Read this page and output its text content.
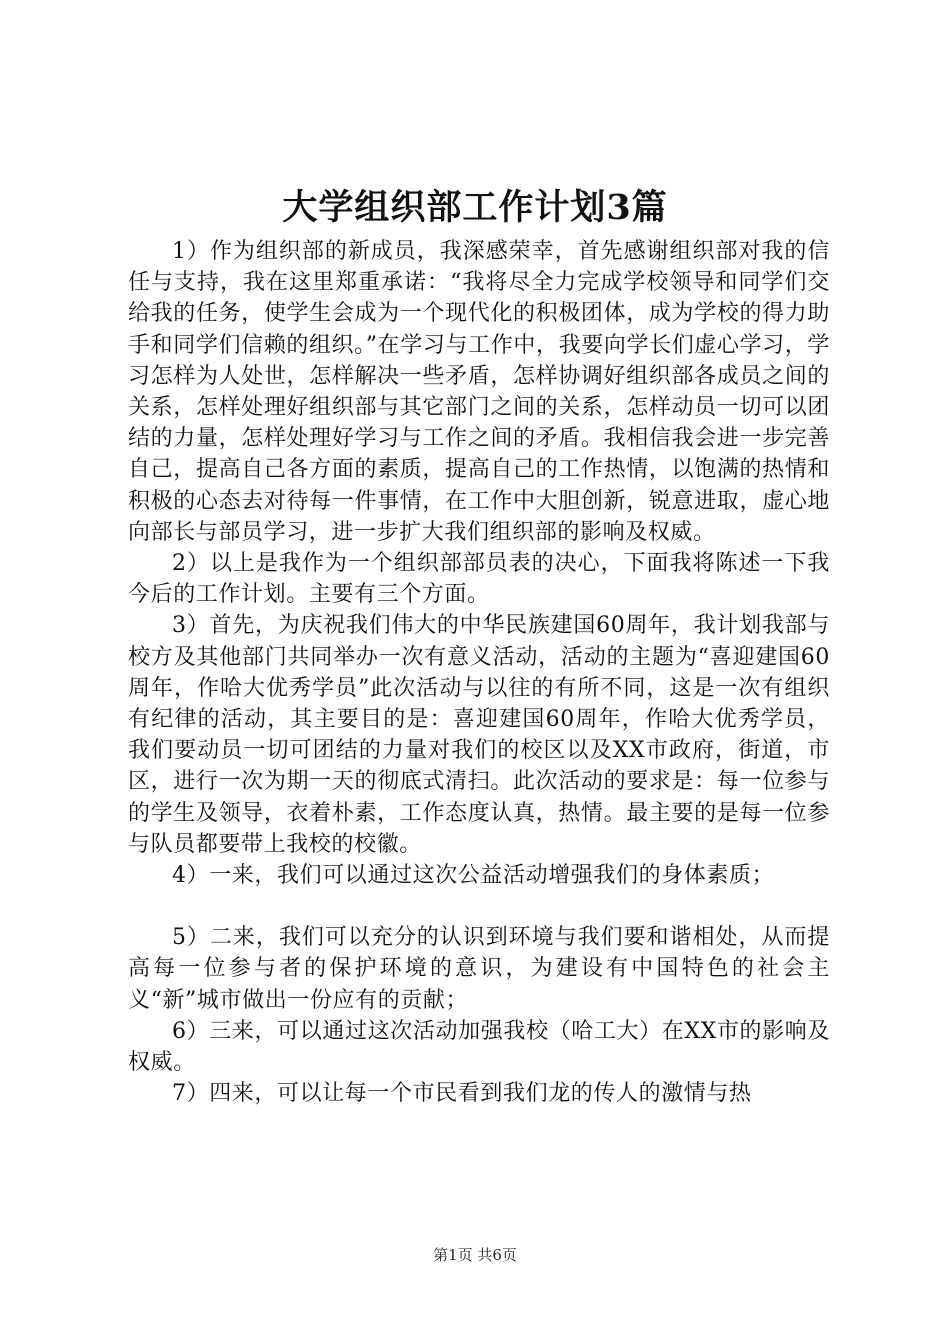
大学组织部工作计划3篇

1）作为组织部的新成员，我深感荣幸，首先感谢组织部对我的信任与支持，我在这里郑重承诺：“我将尽全力完成学校领导和同学们交给我的任务，使学生会成为一个现代化的积极团体，成为学校的得力助手和同学们信赖的组织。”在学习与工作中，我要向学长们虚心学习，学习怎样为人处世，怎样解决一些矛盾，怎样协调好组织部各成员之间的关系，怎样处理好组织部与其它部门之间的关系，怎样动员一切可以团结的力量，怎样处理好学习与工作之间的矛盾。我相信我会进一步完善自己，提高自己各方面的素质，提高自己的工作热情，以饱满的热情和积极的心态去对待每一件事情，在工作中大胆创新，锐意进取，虚心地向部长与部员学习，进一步扩大我们组织部的影响及权威。

2）以上是我作为一个组织部部员表的决心，下面我将陈述一下我今后的工作计划。主要有三个方面。

3）首先，为庆祝我们伟大的中华民族建国60周年，我计划我部与校方及其他部门共同举办一次有意义活动，活动的主题为“喜迎建国60周年，作哈大优秀学员”此次活动与以往的有所不同，这是一次有组织有纪律的活动，其主要目的是：喜迎建国60周年，作哈大优秀学员，我们要动员一切可团结的力量对我们的校区以及XX市政府，街道，市区，进行一次为期一天的彻底式清扫。此次活动的要求是：每一位参与的学生及领导，衣着朴素，工作态度认真，热情。最主要的是每一位参与队员都要带上我校的校徽。

4）一来，我们可以通过这次公益活动增强我们的身体素质；

5）二来，我们可以充分的认识到环境与我们要和谐相处，从而提高每一位参与者的保护环境的意识，为建设有中国特色的社会主义“新”城市做出一份应有的贡献；

6）三来，可以通过这次活动加强我校（哈工大）在XX市的影响及权威。

7）四来，可以让每一个市民看到我们龙的传人的激情与热

第1页 共6页
